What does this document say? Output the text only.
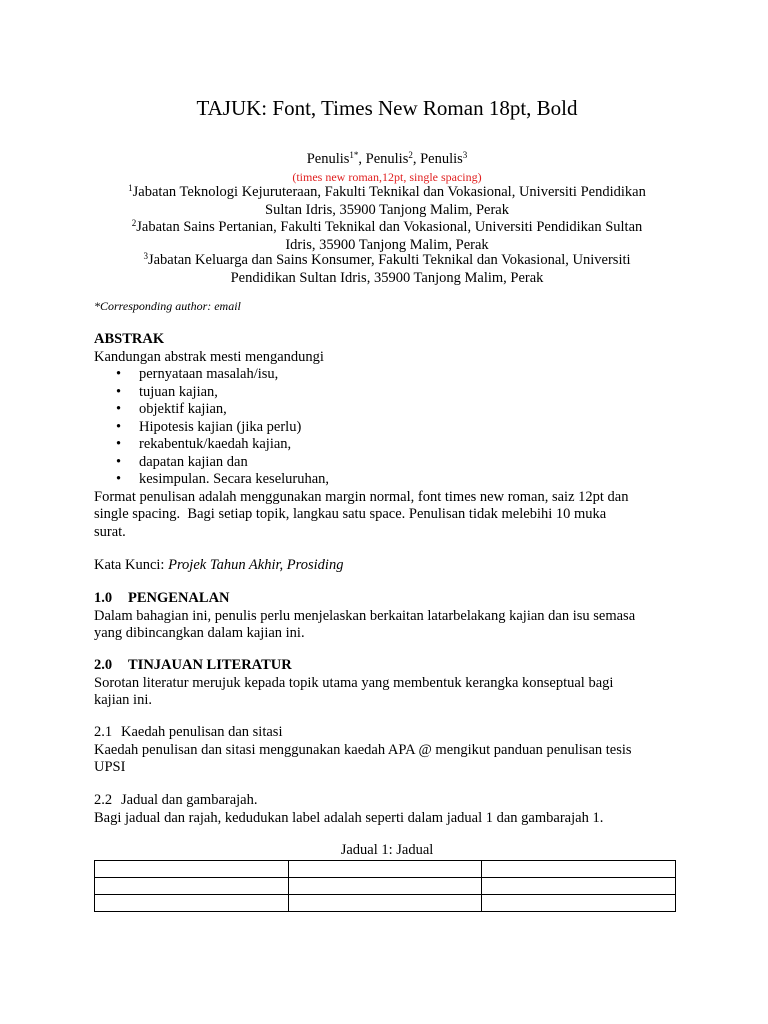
TAJUK: Font, Times New Roman 18pt, Bold
Penulis$^{1*}$, Penulis$^2$, Penulis$^3$
(times new roman,12pt, single spacing)
$^1$Jabatan Teknologi Kejuruteraan, Fakulti Teknikal dan Vokasional, Universiti Pendidikan
Sultan Idris, 35900 Tanjong Malim, Perak
$^2$Jabatan Sains Pertanian, Fakulti Teknikal dan Vokasional, Universiti Pendidikan Sultan
Idris, 35900 Tanjong Malim, Perak
$^3$Jabatan Keluarga dan Sains Konsumer, Fakulti Teknikal dan Vokasional, Universiti
Pendidikan Sultan Idris, 35900 Tanjong Malim, Perak
*Corresponding author: email
ABSTRAK
Kandungan abstrak mesti mengandungi
• pernyataan masalah/isu,
• tujuan kajian,
• objektif kajian,
• Hipotesis kajian (jika perlu)
• rekabentuk/kaedah kajian,
• dapatan kajian dan
• kesimpulan. Secara keseluruhan,
Format penulisan adalah menggunakan margin normal, font times new roman, saiz 12pt dan
single spacing.  Bagi setiap topik, langkau satu space. Penulisan tidak melebihi 10 muka
surat.
Kata Kunci: Projek Tahun Akhir, Prosiding
1.0 PENGENALAN
Dalam bahagian ini, penulis perlu menjelaskan berkaitan latarbelakang kajian dan isu semasa
yang dibincangkan dalam kajian ini.
2.0 TINJAUAN LITERATUR
Sorotan literatur merujuk kepada topik utama yang membentuk kerangka konseptual bagi
kajian ini.
2.1 Kaedah penulisan dan sitasi
Kaedah penulisan dan sitasi menggunakan kaedah APA @ mengikut panduan penulisan tesis
UPSI
2.2 Jadual dan gambarajah.
Bagi jadual dan rajah, kedudukan label adalah seperti dalam jadual 1 dan gambarajah 1.
Jadual 1: Jadual
